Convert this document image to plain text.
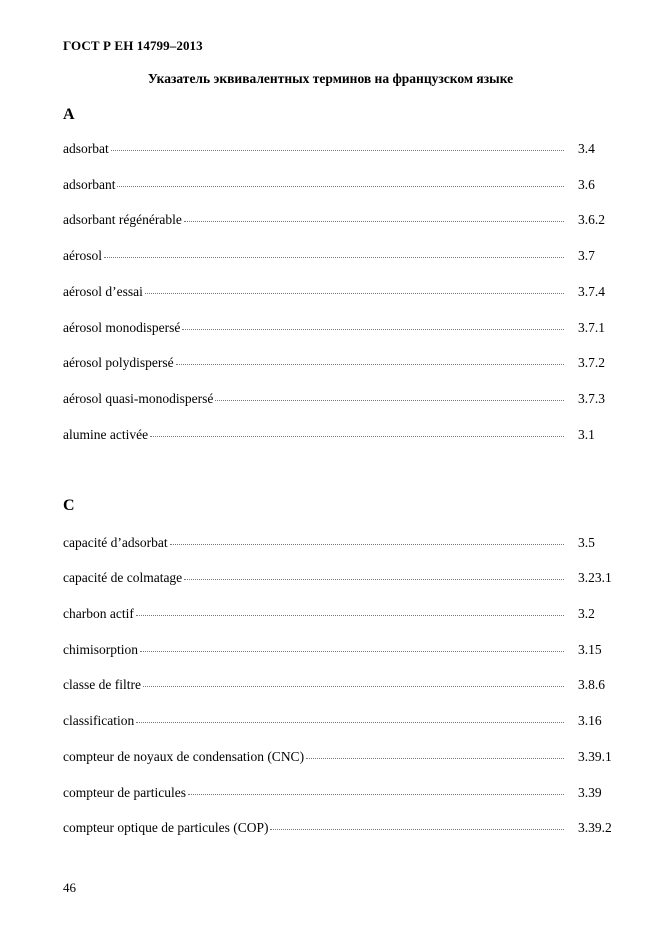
ГОСТ Р ЕН 14799–2013
Указатель эквивалентных терминов на французском языке
А
adsorbat	3.4
adsorbant	3.6
adsorbant régénérable	3.6.2
aérosol	3.7
aérosol d’essai	3.7.4
aérosol monodispersé	3.7.1
aérosol polydispersé	3.7.2
aérosol quasi-monodispersé	3.7.3
alumine activée	3.1
С
capacité d’adsorbat	3.5
capacité de colmatage	3.23.1
charbon actif	3.2
chimisorption	3.15
classe de filtre	3.8.6
classification	3.16
compteur de noyaux de condensation (CNC)	3.39.1
compteur de particules	3.39
compteur optique de particules (COP)	3.39.2
46
